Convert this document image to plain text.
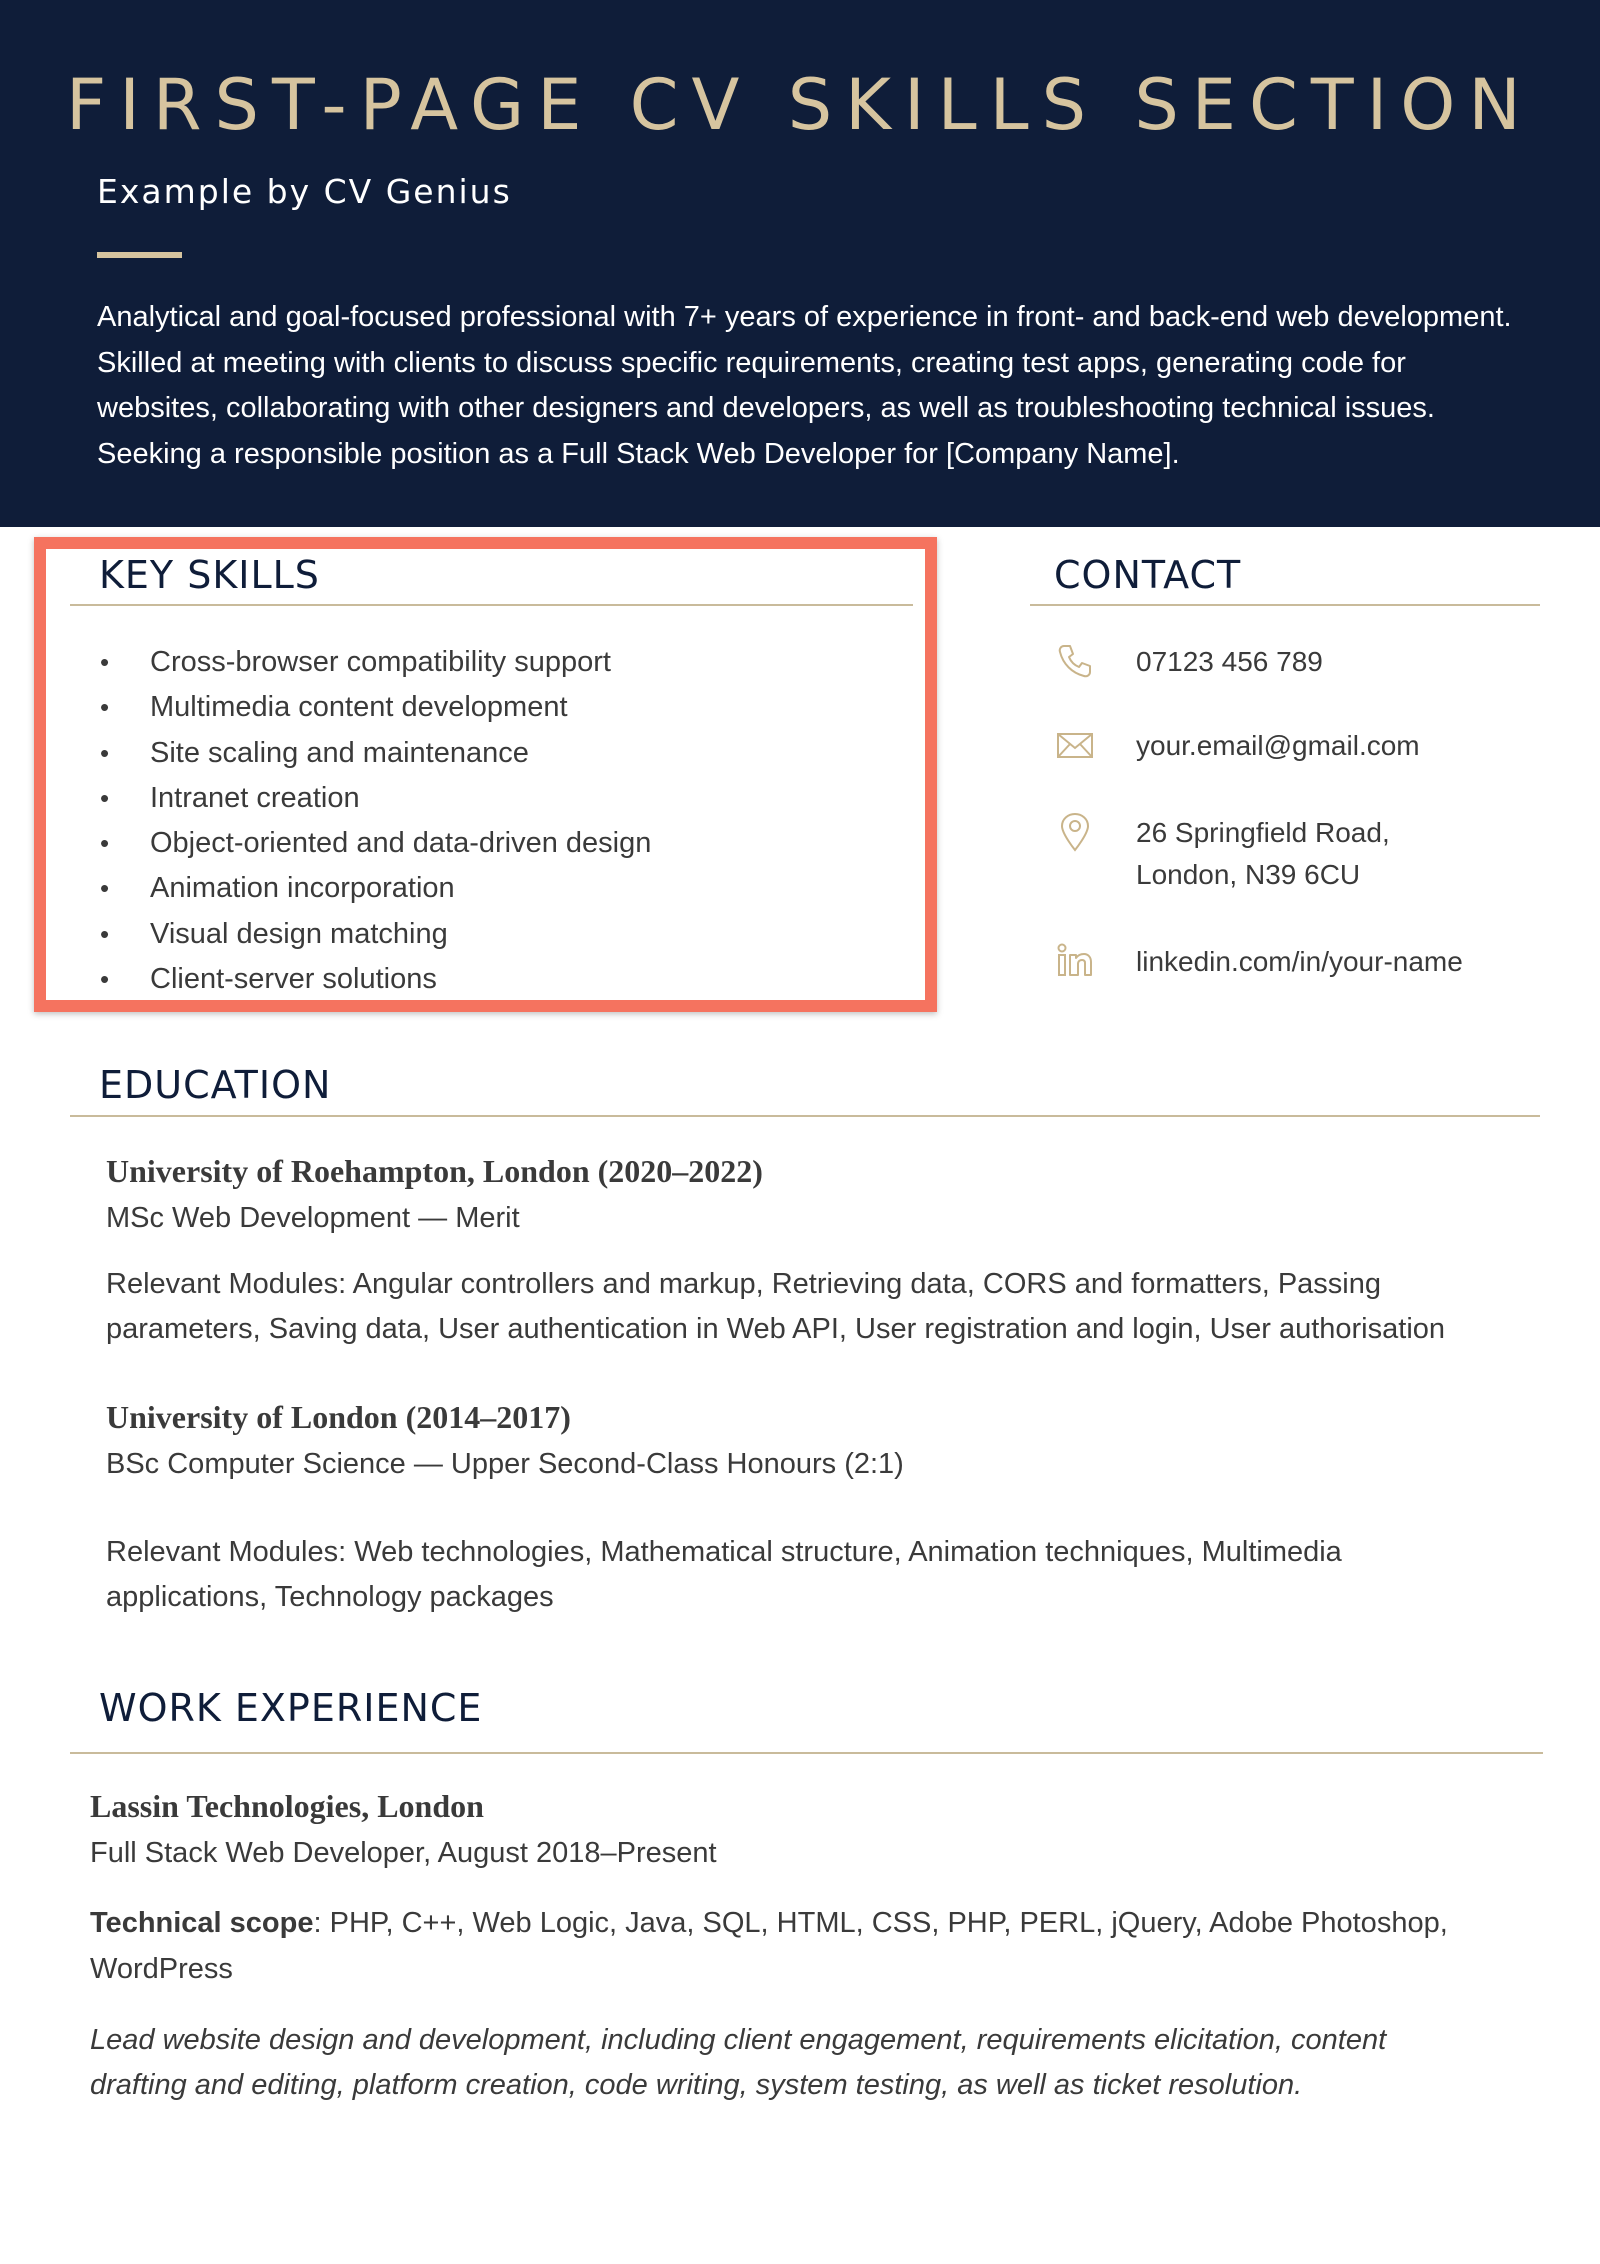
FIRST-PAGE CV SKILLS SECTION
Example by CV Genius

Analytical and goal-focused professional with 7+ years of experience in front- and back-end web development. Skilled at meeting with clients to discuss specific requirements, creating test apps, generating code for websites, collaborating with other designers and developers, as well as troubleshooting technical issues. Seeking a responsible position as a Full Stack Web Developer for [Company Name].

KEY SKILLS
• Cross-browser compatibility support
• Multimedia content development
• Site scaling and maintenance
• Intranet creation
• Object-oriented and data-driven design
• Animation incorporation
• Visual design matching
• Client-server solutions
CONTACT
07123 456 789
your.email@gmail.com
26 Springfield Road,
London, N39 6CU
linkedin.com/in/your-name
EDUCATION
University of Roehampton, London (2020–2022)
MSc Web Development — Merit
Relevant Modules: Angular controllers and markup, Retrieving data, CORS and formatters, Passing
parameters, Saving data, User authentication in Web API, User registration and login, User authorisation
University of London (2014–2017)
BSc Computer Science — Upper Second-Class Honours (2:1)
Relevant Modules: Web technologies, Mathematical structure, Animation techniques, Multimedia
applications, Technology packages
WORK EXPERIENCE
Lassin Technologies, London
Full Stack Web Developer, August 2018–Present
Technical scope: PHP, C++, Web Logic, Java, SQL, HTML, CSS, PHP, PERL, jQuery, Adobe Photoshop,
WordPress
Lead website design and development, including client engagement, requirements elicitation, content
drafting and editing, platform creation, code writing, system testing, as well as ticket resolution.
